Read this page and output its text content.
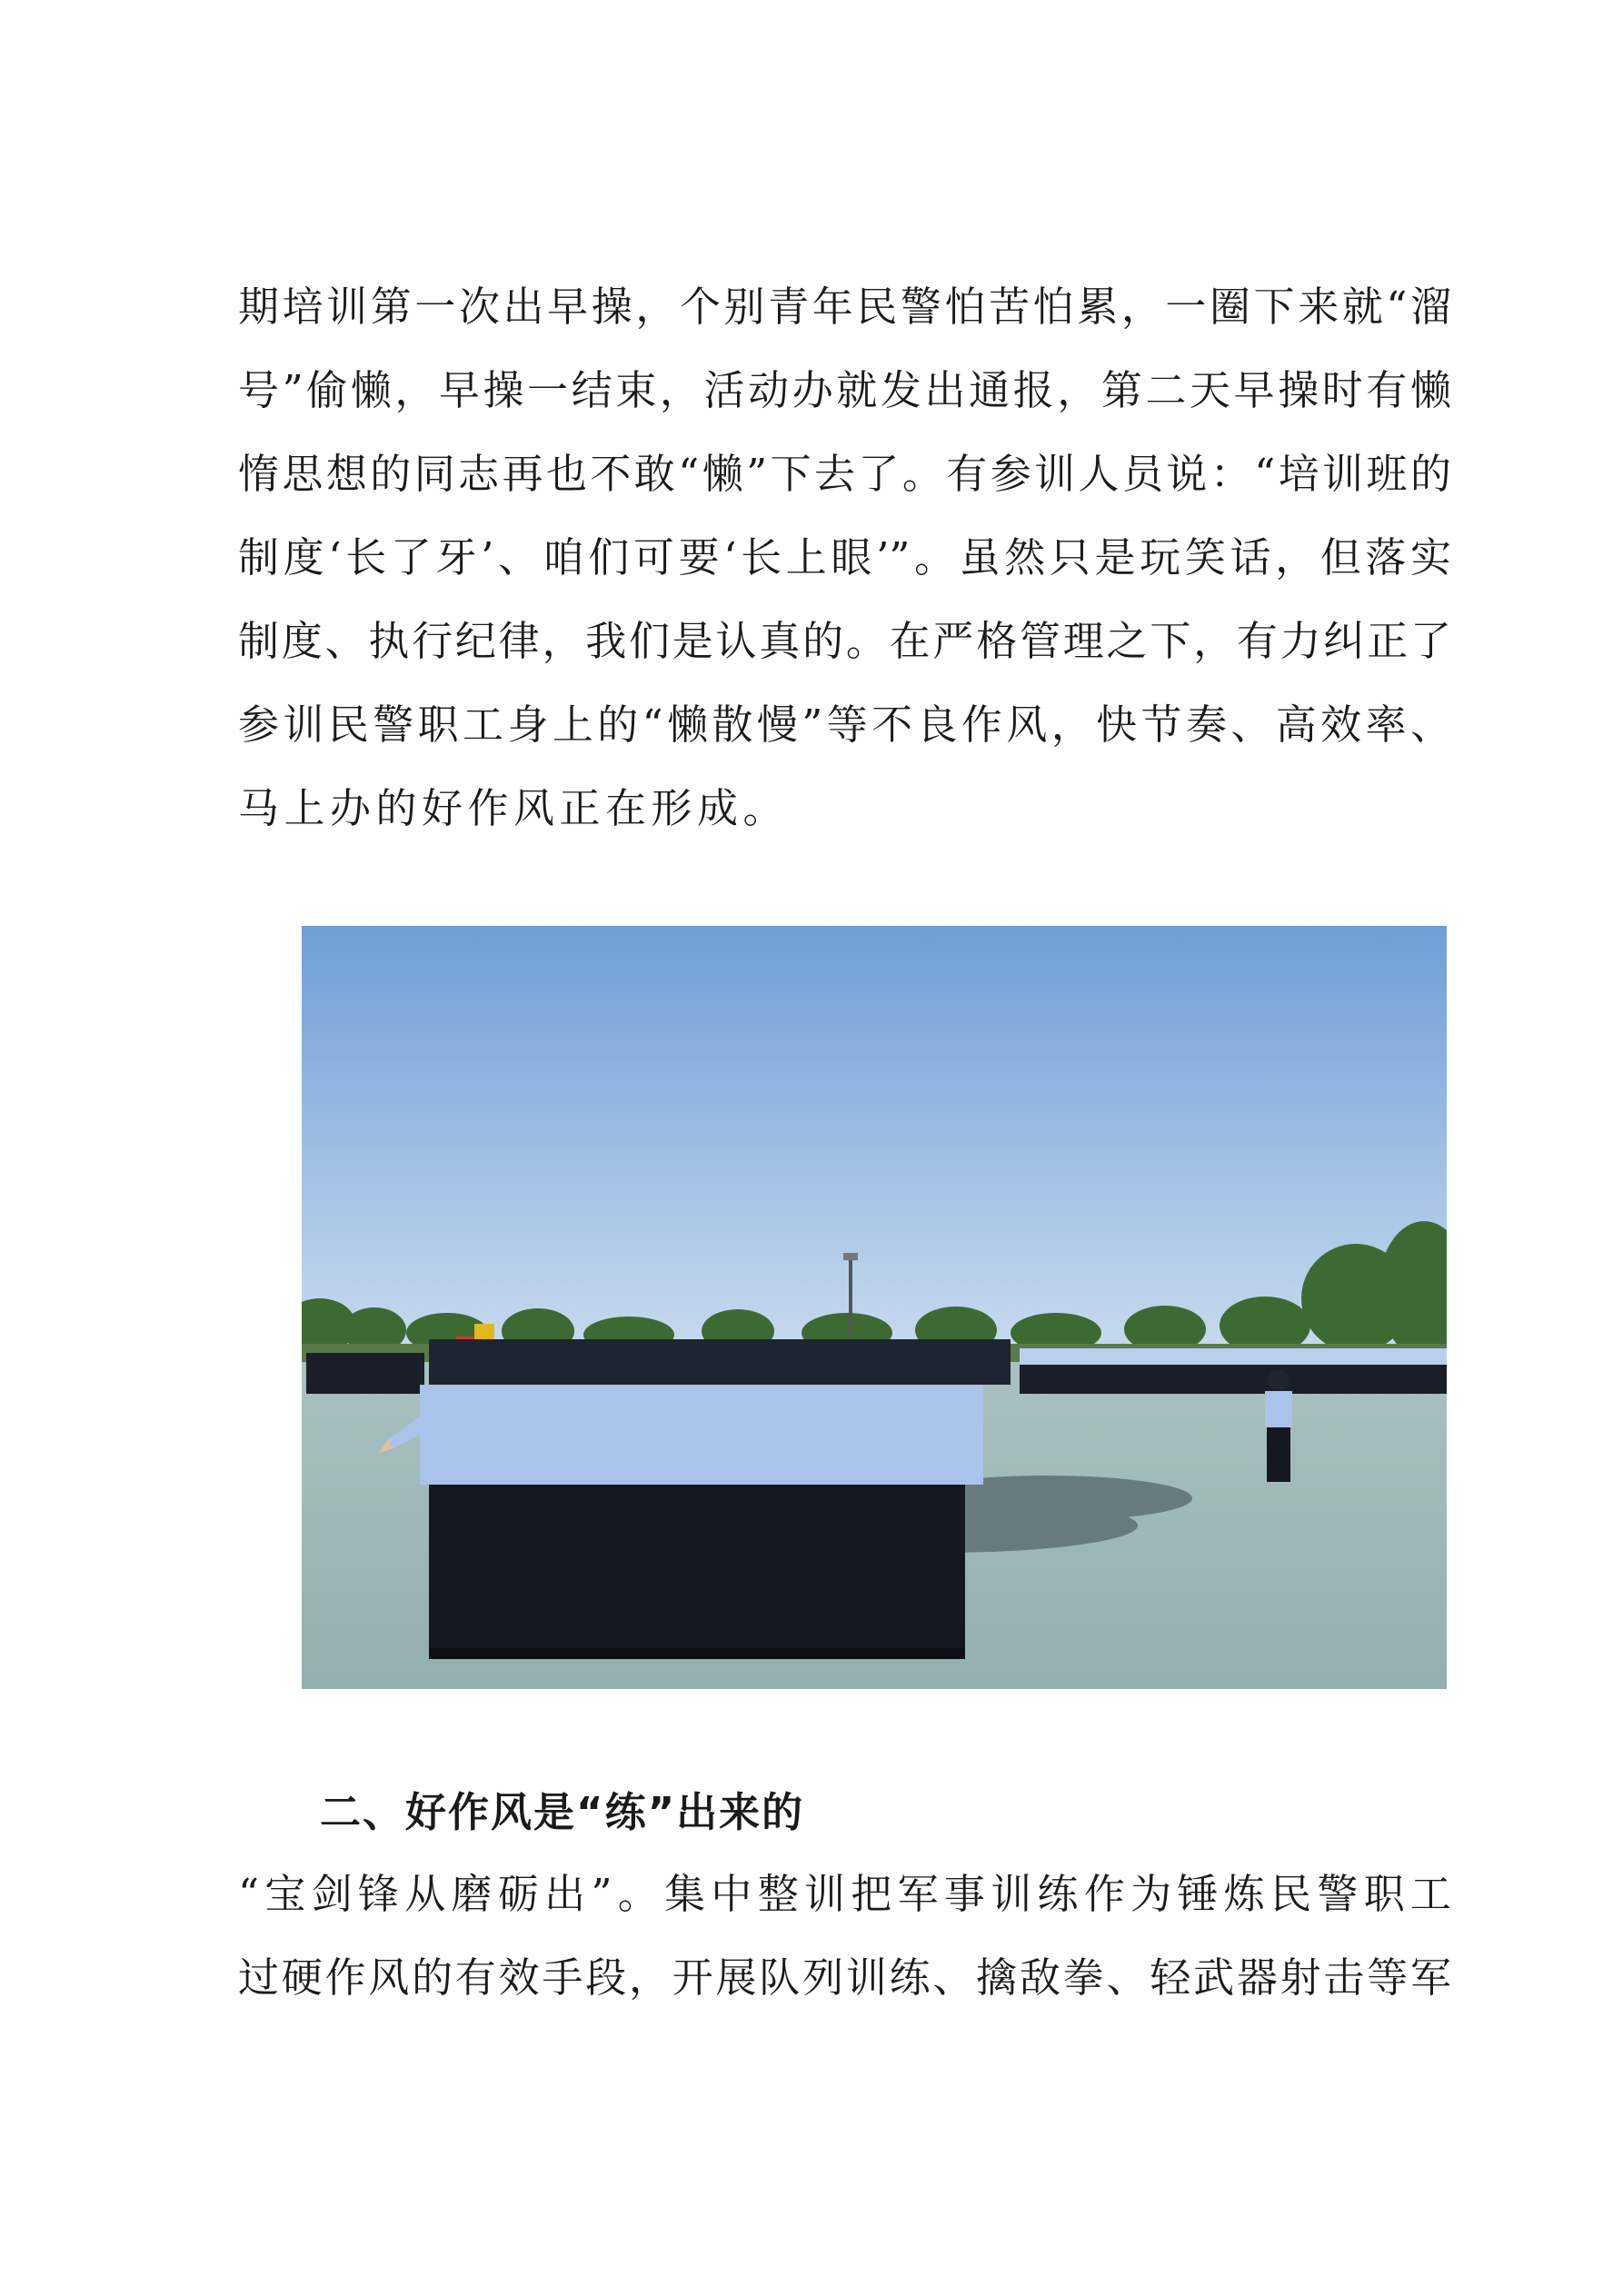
期培训第一次出早操，个别青年民警怕苦怕累，一圈下来就“溜
号”偷懒，早操一结束，活动办就发出通报，第二天早操时有懒
惰思想的同志再也不敢“懒”下去了。有参训人员说：“培训班的
制度‘长了牙’、咱们可要‘长上眼’”。虽然只是玩笑话，但落实
制度、执行纪律，我们是认真的。在严格管理之下，有力纠正了
参训民警职工身上的“懒散慢”等不良作风，快节奏、高效率、
马上办的好作风正在形成。
二、好作风是“练”出来的
“宝剑锋从磨砺出”。集中整训把军事训练作为锤炼民警职工
过硬作风的有效手段，开展队列训练、擒敌拳、轻武器射击等军
